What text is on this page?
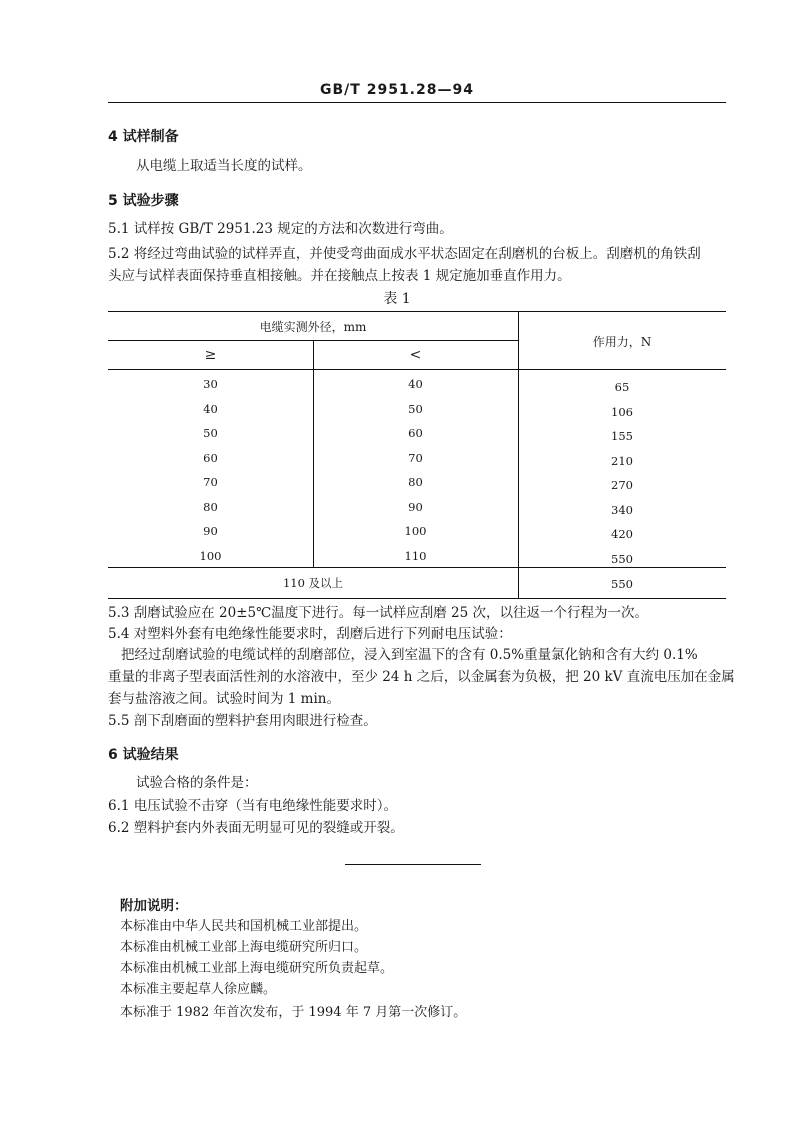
GB/T 2951.28—94
4 试样制备
从电缆上取适当长度的试样。
5 试验步骤
5.1 试样按 GB/T 2951.23 规定的方法和次数进行弯曲。
5.2 将经过弯曲试验的试样弄直，并使受弯曲面成水平状态固定在刮磨机的台板上。刮磨机的角铁刮
头应与试样表面保持垂直相接触。并在接触点上按表 1 规定施加垂直作用力。
表 1
电缆实测外径，mm
≥	<
作用力，N
30	40	65
40	50	106
50	60	155
60	70	210
70	80	270
80	90	340
90	100	420
100	110	550
110 及以上	550
5.3 刮磨试验应在 20±5℃温度下进行。每一试样应刮磨 25 次，以往返一个行程为一次。
5.4 对塑料外套有电绝缘性能要求时，刮磨后进行下列耐电压试验：
把经过刮磨试验的电缆试样的刮磨部位，浸入到室温下的含有 0.5%重量氯化钠和含有大约 0.1%
重量的非离子型表面活性剂的水溶液中，至少 24 h 之后，以金属套为负极，把 20 kV 直流电压加在金属
套与盐溶液之间。试验时间为 1 min。
5.5 剖下刮磨面的塑料护套用肉眼进行检查。
6 试验结果
试验合格的条件是：
6.1 电压试验不击穿（当有电绝缘性能要求时）。
6.2 塑料护套内外表面无明显可见的裂缝或开裂。
附加说明：
本标准由中华人民共和国机械工业部提出。
本标准由机械工业部上海电缆研究所归口。
本标准由机械工业部上海电缆研究所负责起草。
本标准主要起草人徐应麟。
本标准于 1982 年首次发布，于 1994 年 7 月第一次修订。
